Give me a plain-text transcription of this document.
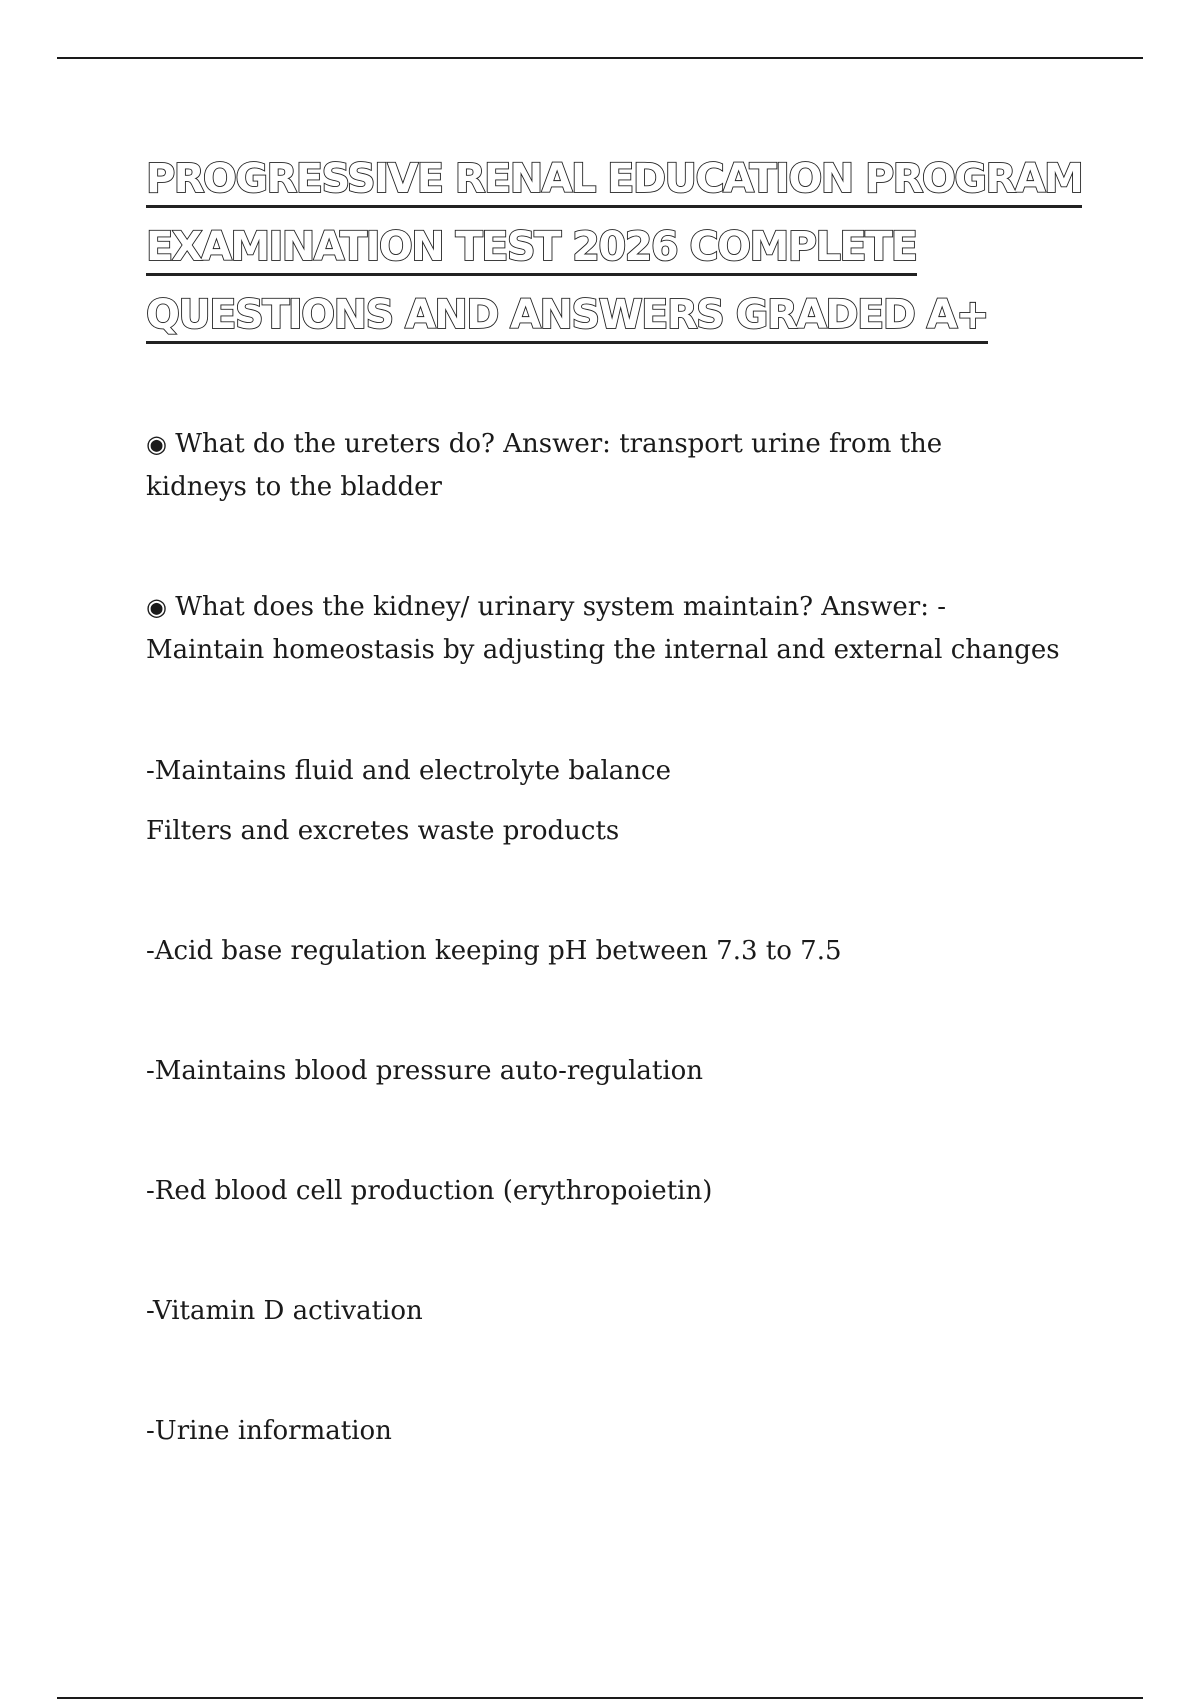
PROGRESSIVE RENAL EDUCATION PROGRAM
EXAMINATION TEST 2026 COMPLETE
QUESTIONS AND ANSWERS GRADED A+

◉ What do the ureters do? Answer: transport urine from the
kidneys to the bladder

◉ What does the kidney/ urinary system maintain? Answer: -
Maintain homeostasis by adjusting the internal and external changes

-Maintains fluid and electrolyte balance

Filters and excretes waste products

-Acid base regulation keeping pH between 7.3 to 7.5

-Maintains blood pressure auto-regulation

-Red blood cell production (erythropoietin)

-Vitamin D activation

-Urine information
